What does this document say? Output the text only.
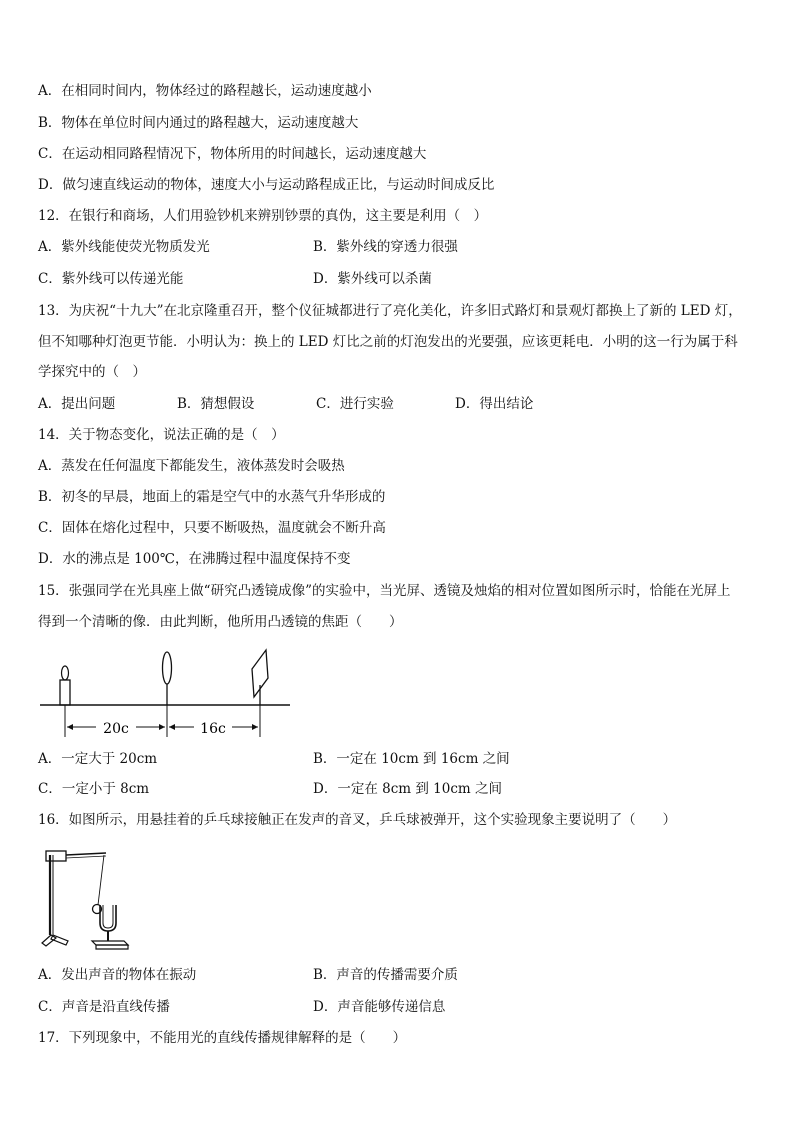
A．在相同时间内，物体经过的路程越长，运动速度越小
B．物体在单位时间内通过的路程越大，运动速度越大
C．在运动相同路程情况下，物体所用的时间越长，运动速度越大
D．做匀速直线运动的物体，速度大小与运动路程成正比，与运动时间成反比
12．在银行和商场，人们用验钞机来辨别钞票的真伪，这主要是利用（　）
A．紫外线能使荧光物质发光	B．紫外线的穿透力很强
C．紫外线可以传递光能	D．紫外线可以杀菌
13．为庆祝“十九大”在北京隆重召开，整个仪征城都进行了亮化美化，许多旧式路灯和景观灯都换上了新的 LED 灯，
但不知哪种灯泡更节能．小明认为：换上的 LED 灯比之前的灯泡发出的光要强，应该更耗电．小明的这一行为属于科
学探究中的（　）
A．提出问题	B．猜想假设	C．进行实验	D．得出结论
14．关于物态变化，说法正确的是（　）
A．蒸发在任何温度下都能发生，液体蒸发时会吸热
B．初冬的早晨，地面上的霜是空气中的水蒸气升华形成的
C．固体在熔化过程中，只要不断吸热，温度就会不断升高
D．水的沸点是 100℃，在沸腾过程中温度保持不变
15．张强同学在光具座上做“研究凸透镜成像”的实验中，当光屏、透镜及烛焰的相对位置如图所示时，恰能在光屏上
得到一个清晰的像．由此判断，他所用凸透镜的焦距（　　）
20c	16c
A．一定大于 20cm	B．一定在 10cm 到 16cm 之间
C．一定小于 8cm	D．一定在 8cm 到 10cm 之间
16．如图所示，用悬挂着的乒乓球接触正在发声的音叉，乒乓球被弹开，这个实验现象主要说明了（　　）
A．发出声音的物体在振动	B．声音的传播需要介质
C．声音是沿直线传播	D．声音能够传递信息
17．下列现象中，不能用光的直线传播规律解释的是（　　）
